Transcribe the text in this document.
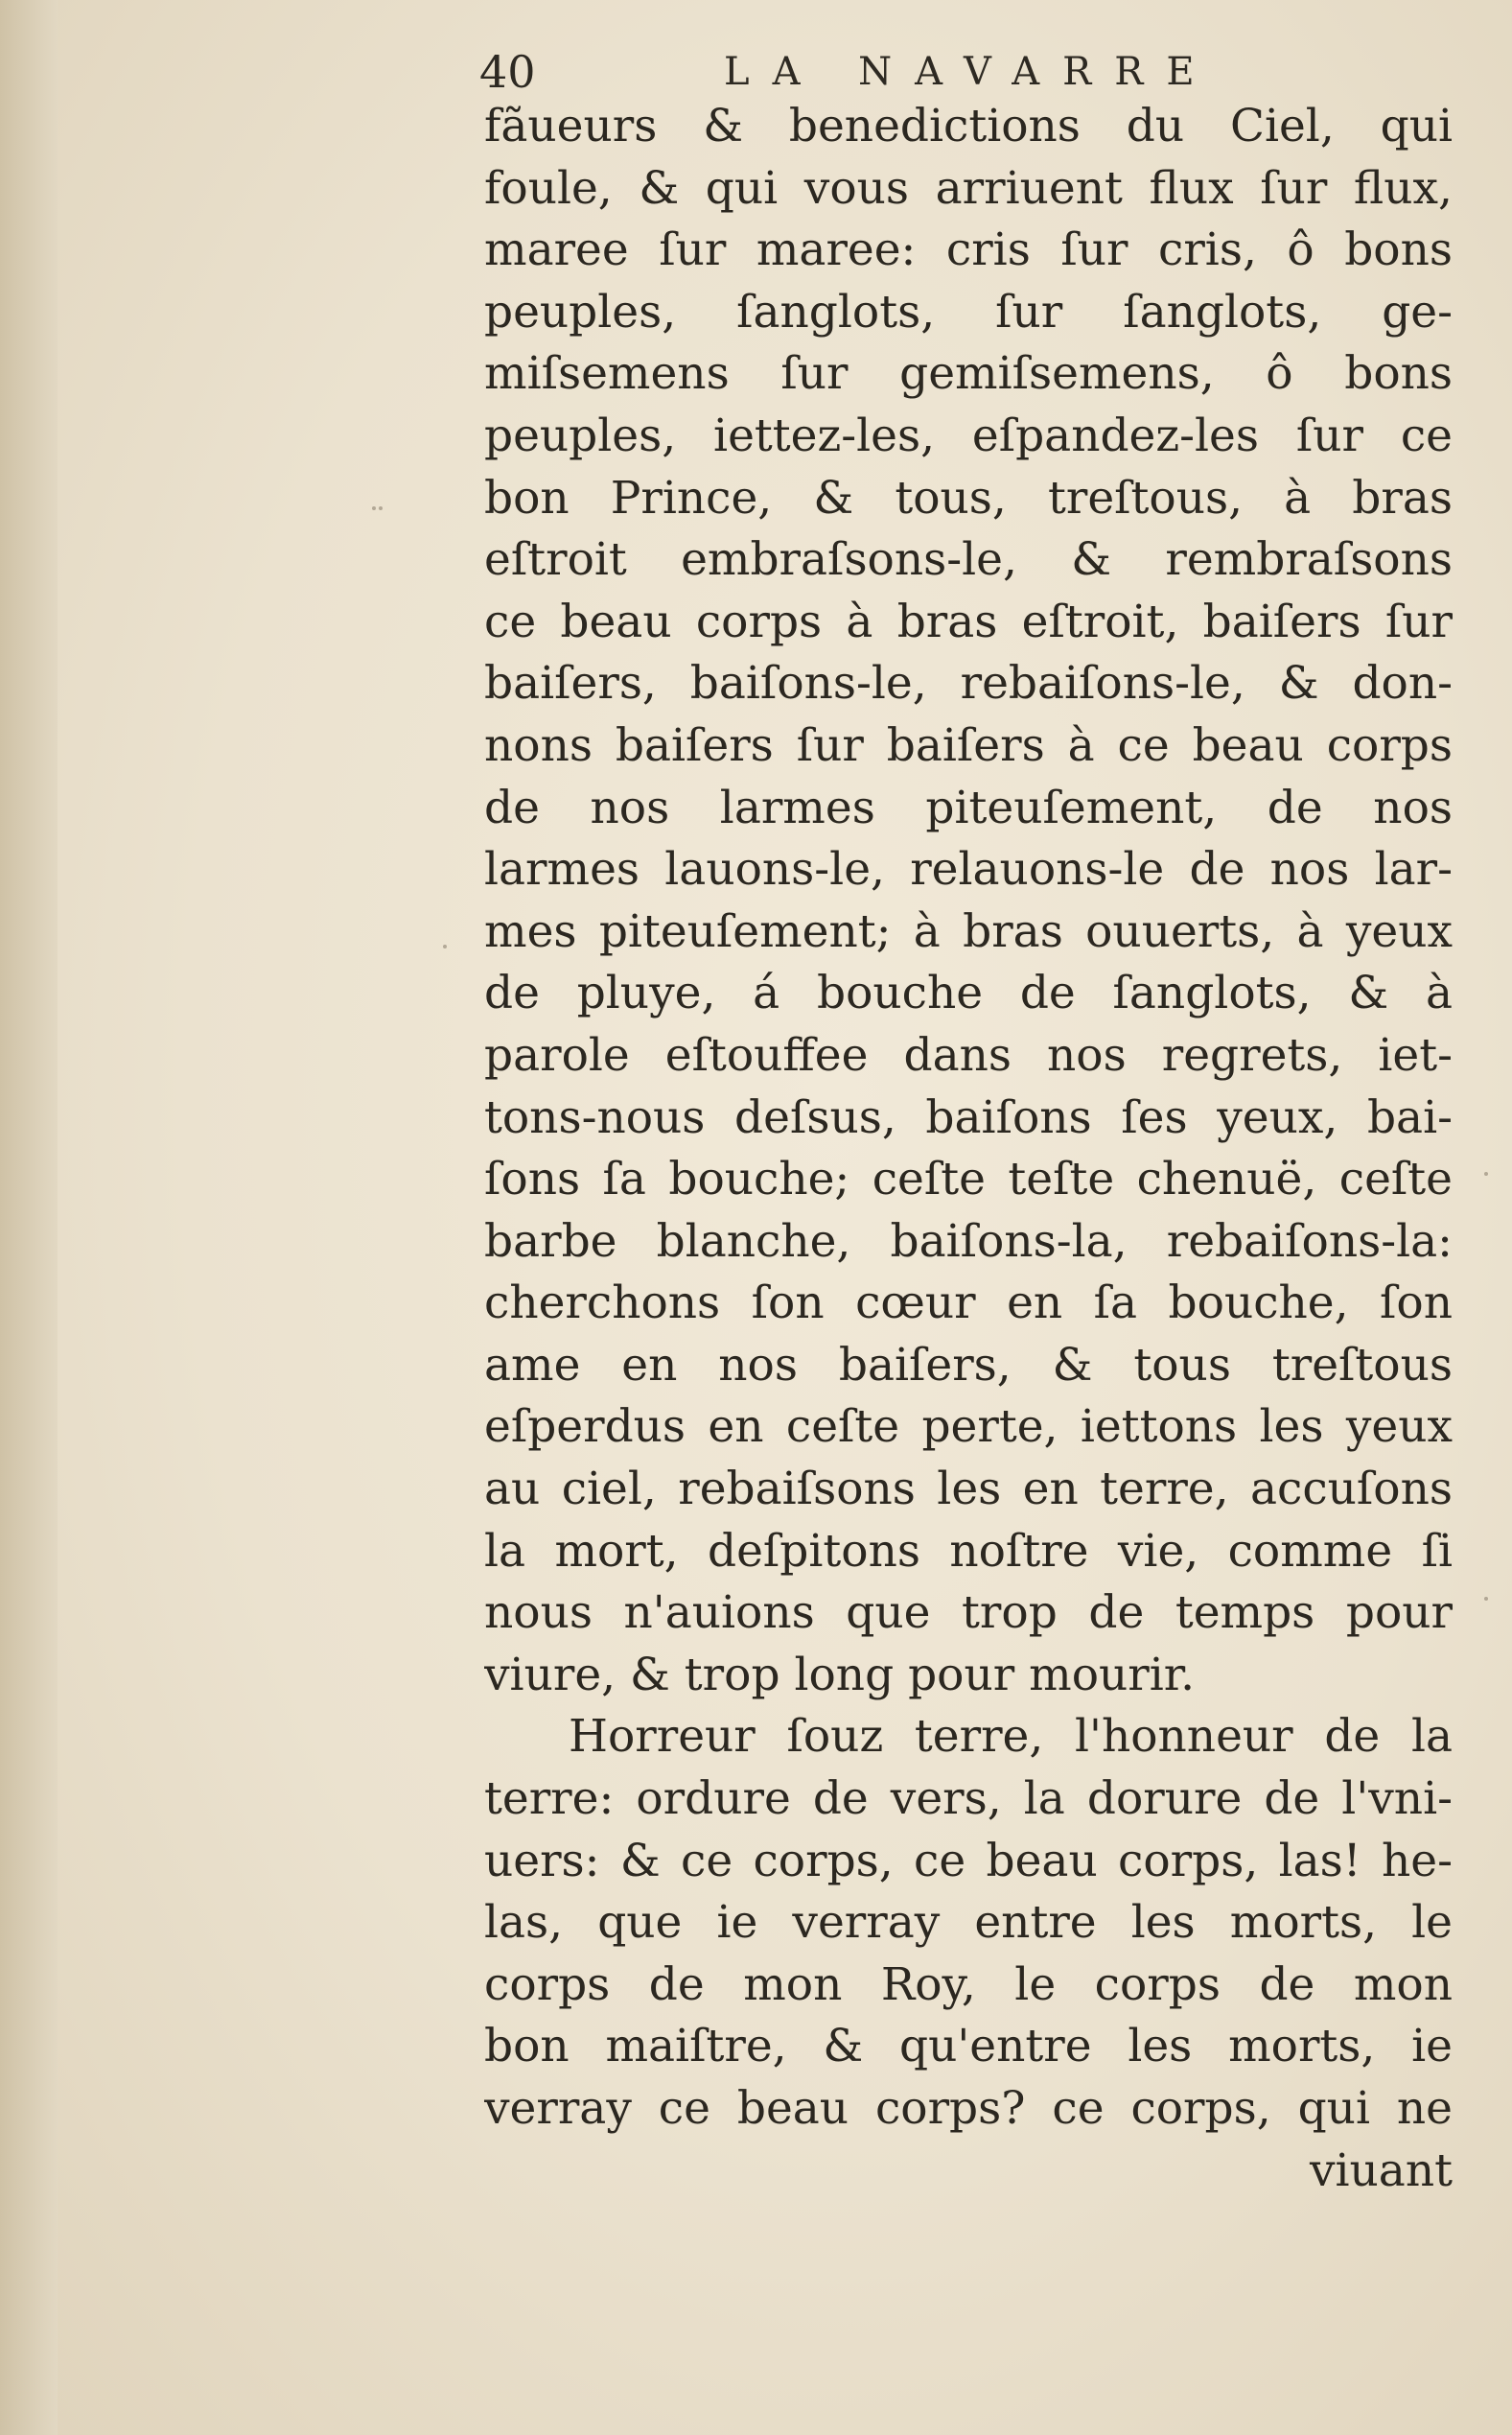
40	LA NAVARRE
fãueurs & benedictions du Ciel, qui
foule, & qui vous arriuent flux ſur flux,
maree ſur maree: cris ſur cris, ô bons
peuples, ſanglots, ſur ſanglots, ge-
miſsemens ſur gemiſsemens, ô bons
peuples, iettez-les, eſpandez-les ſur ce
bon Prince, & tous, treſtous, à bras
eſtroit embraſsons-le, & rembraſsons
ce beau corps à bras eſtroit, baiſers ſur
baiſers, baiſons-le, rebaiſons-le, & don-
nons baiſers ſur baiſers à ce beau corps
de nos larmes piteuſement, de nos
larmes lauons-le, relauons-le de nos lar-
mes piteuſement; à bras ouuerts, à yeux
de pluye, á bouche de ſanglots, & à
parole eſtouffee dans nos regrets, iet-
tons-nous deſsus, baiſons ſes yeux, bai-
ſons ſa bouche; ceſte teſte chenuë, ceſte
barbe blanche, baiſons-la, rebaiſons-la:
cherchons ſon cœur en ſa bouche, ſon
ame en nos baiſers, & tous treſtous
eſperdus en ceſte perte, iettons les yeux
au ciel, rebaiſsons les en terre, accuſons
la mort, deſpitons noſtre vie, comme ſi
nous n'auions que trop de temps pour
viure, & trop long pour mourir.
Horreur ſouz terre, l'honneur de la
terre: ordure de vers, la dorure de l'vni-
uers: & ce corps, ce beau corps, las! he-
las, que ie verray entre les morts, le
corps de mon Roy, le corps de mon
bon maiſtre, & qu'entre les morts, ie
verray ce beau corps? ce corps, qui ne
viuant
